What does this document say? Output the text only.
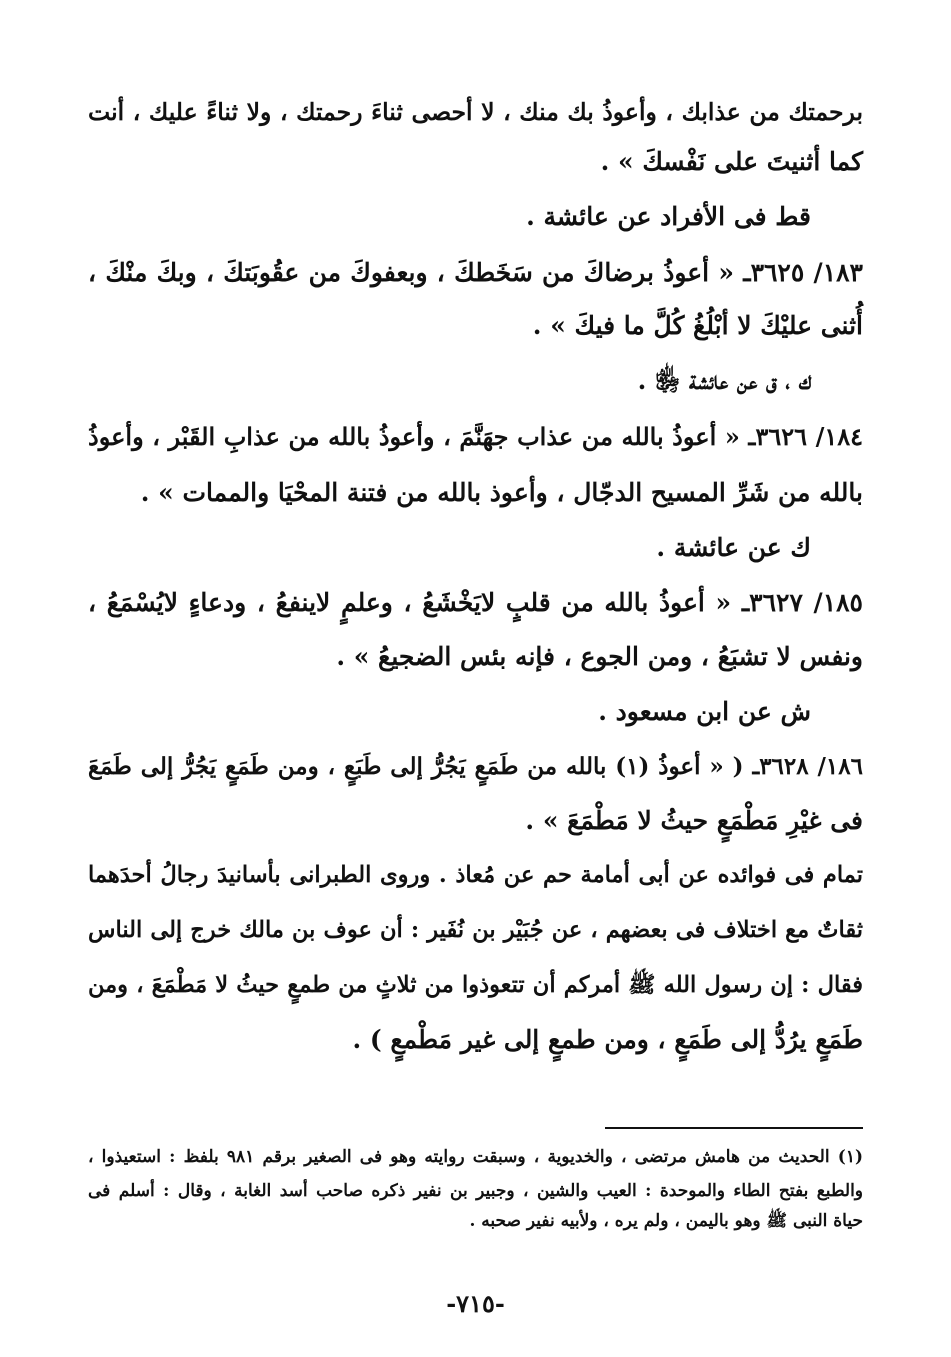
برحمتك من عذابك ، وأعوذُ بك منك ، لا أحصى ثناءَ رحمتك ، ولا ثناءً عليك ، أنت
كما أثنيتَ على نَفْسكَ » .
قط فى الأفراد عن عائشة .
١٨٣/ ٣٦٢٥ـ « أعوذُ برضاكَ من سَخَطكَ ، وبعفوكَ من عقُوبَتكَ ، وبكَ منْكَ ،
أُثنى عليْكَ لا أبْلُغُ كُلَّ ما فيكَ » .
ك ، ق عن عائشة ﵂ .
١٨٤/ ٣٦٢٦ـ « أعوذُ بالله من عذاب جهَنَّمَ ، وأعوذُ بالله من عذابِ القَبْر ، وأعوذُ
بالله من شَرِّ المسيح الدجّال ، وأعوذ بالله من فتنة المحْيَا والممات » .
ك عن عائشة .
١٨٥/ ٣٦٢٧ـ « أعوذُ بالله من قلبٍ لايَخْشَعُ ، وعلمٍ لاينفعُ ، ودعاءٍ لايُسْمَعُ ،
ونفس لا تشبَعُ ، ومن الجوع ، فإنه بئس الضجيعُ » .
ش عن ابن مسعود .
١٨٦/ ٣٦٢٨ـ ( « أعوذُ (١) بالله من طَمَعٍ يَجُرُّ إلى طَبَعٍ ، ومن طَمَعٍ يَجُرُّ إلى طَمَعَ
فى غيْرِ مَطْمَعٍ حيثُ لا مَطْمَعَ » .
تمام فى فوائده عن أبى أمامة حم عن مُعاذ . وروى الطبرانى بأسانيدَ رجالُ أحدَهما
ثقاتٌ مع اختلاف فى بعضهم ، عن جُبَيْر بن نُفَير : أن عوف بن مالك خرج إلى الناس
فقال : إن رسول الله ﷺ أمركم أن تتعوذوا من ثلاثٍ من طمعٍ حيثُ لا مَطْمَعَ ، ومن
طَمَعٍ يرُدُّ إلى طَمَعٍ ، ومن طمعٍ إلى غير مَطْمعٍ ) .
(١) الحديث من هامش مرتضى ، والخديوية ، وسبقت روايته وهو فى الصغير برقم ٩٨١ بلفظ : استعيذوا ،
والطبع بفتح الطاء والموحدة : العيب والشين ، وجبير بن نفير ذكره صاحب أسد الغابة ، وقال : أسلم فى
حياة النبى ﷺ وهو باليمن ، ولم يره ، ولأبيه نفير صحبه .
-٧١٥-
